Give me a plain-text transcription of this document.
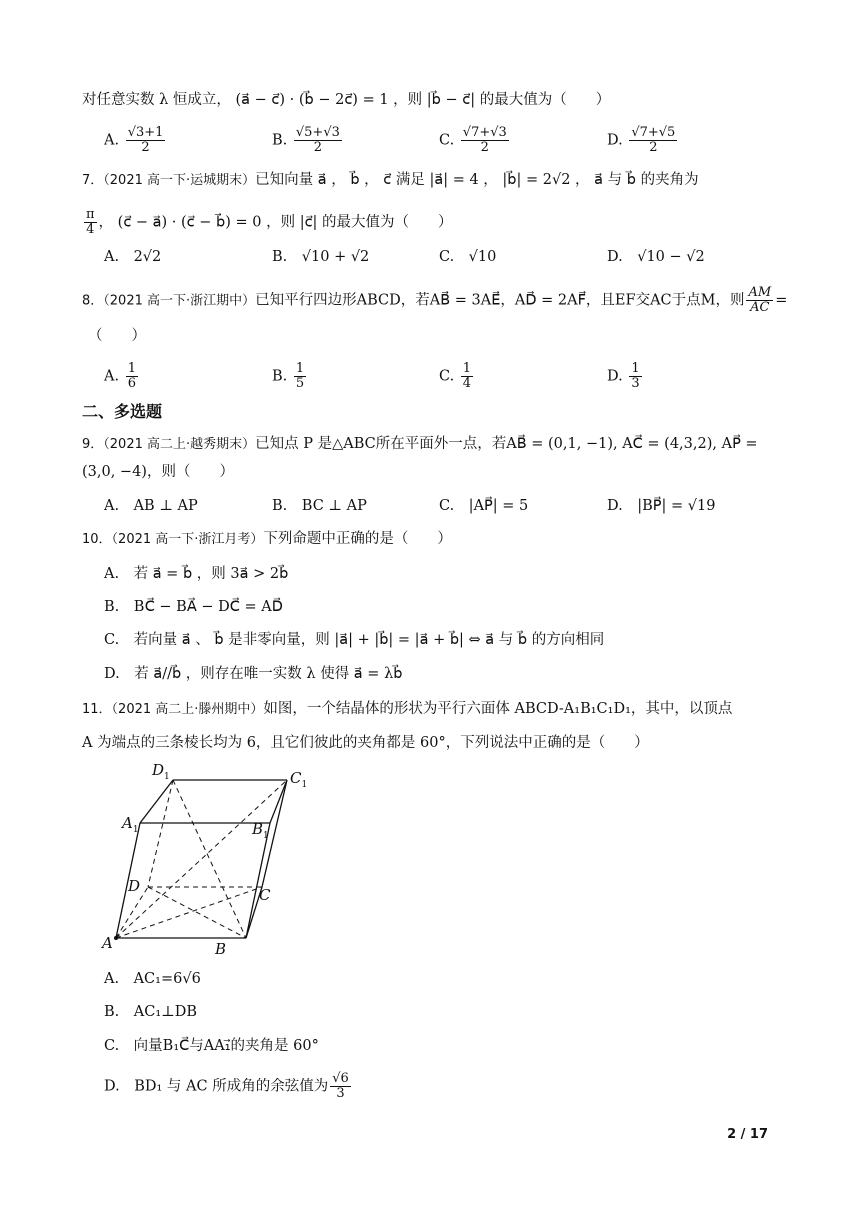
对任意实数 λ 恒成立， (a⃗ − c⃗) · (b⃗ − 2c⃗) = 1 ，则 |b⃗ − c⃗| 的最大值为（　　）
A. $\frac{√3+1}{2}$	B. $\frac{√5+√3}{2}$	C. $\frac{√7+√3}{2}$	D. $\frac{√7+√5}{2}$
7．（2021 高一下·运城期末）已知向量 a⃗ ， b⃗ ， c⃗ 满足 |a⃗| = 4 ， |b⃗| = 2√2 ， a⃗ 与 b⃗ 的夹角为
$\frac{\pi}{4}$ ， (c⃗ − a⃗) · (c⃗ − b⃗) = 0 ，则 |c⃗| 的最大值为（　　）
A.　2√2	B.　√10 + √2	C.　√10	D.　√10 − √2
8．（2021 高一下·浙江期中）已知平行四边形ABCD，若AB⃗ = 3AE⃗，AD⃗ = 2AF⃗，且EF交AC于点M，则 $\frac{AM}{AC}$ =
（　　）
A. $\frac{1}{6}$	B. $\frac{1}{5}$	C. $\frac{1}{4}$	D. $\frac{1}{3}$
二、多选题
9．（2021 高二上·越秀期末）已知点 P 是△ABC所在平面外一点，若AB⃗ = (0,1, −1), AC⃗ = (4,3,2), AP⃗ =
(3,0, −4)，则（　　）
A.　AB ⊥ AP	B.　BC ⊥ AP	C.　|AP⃗| = 5	D.　|BP⃗| = √19
10．（2021 高一下·浙江月考）下列命题中正确的是（　　）
A.　若 a⃗ = b⃗ ，则 3a⃗ > 2b⃗
B.　BC⃗ − BA⃗ − DC⃗ = AD⃗
C.　若向量 a⃗ 、 b⃗ 是非零向量，则 |a⃗| + |b⃗| = |a⃗ + b⃗| ⇔ a⃗ 与 b⃗ 的方向相同
D.　若 a⃗//b⃗ ，则存在唯一实数 λ 使得 a⃗ = λb⃗
11．（2021 高二上·滕州期中）如图，一个结晶体的形状为平行六面体 ABCD-A₁B₁C₁D₁，其中，以顶点
A 为端点的三条棱长均为 6，且它们彼此的夹角都是 60°，下列说法中正确的是（　　）
$D_1$	$C_1$
$A_1$	$B_1$
D	C
A	B
A.　AC₁=6√6
B.　AC₁⊥DB
C.　向量B₁C⃗与AA₁⃗的夹角是 60°
D.　BD₁ 与 AC 所成角的余弦值为 $\frac{√6}{3}$
2 / 17
